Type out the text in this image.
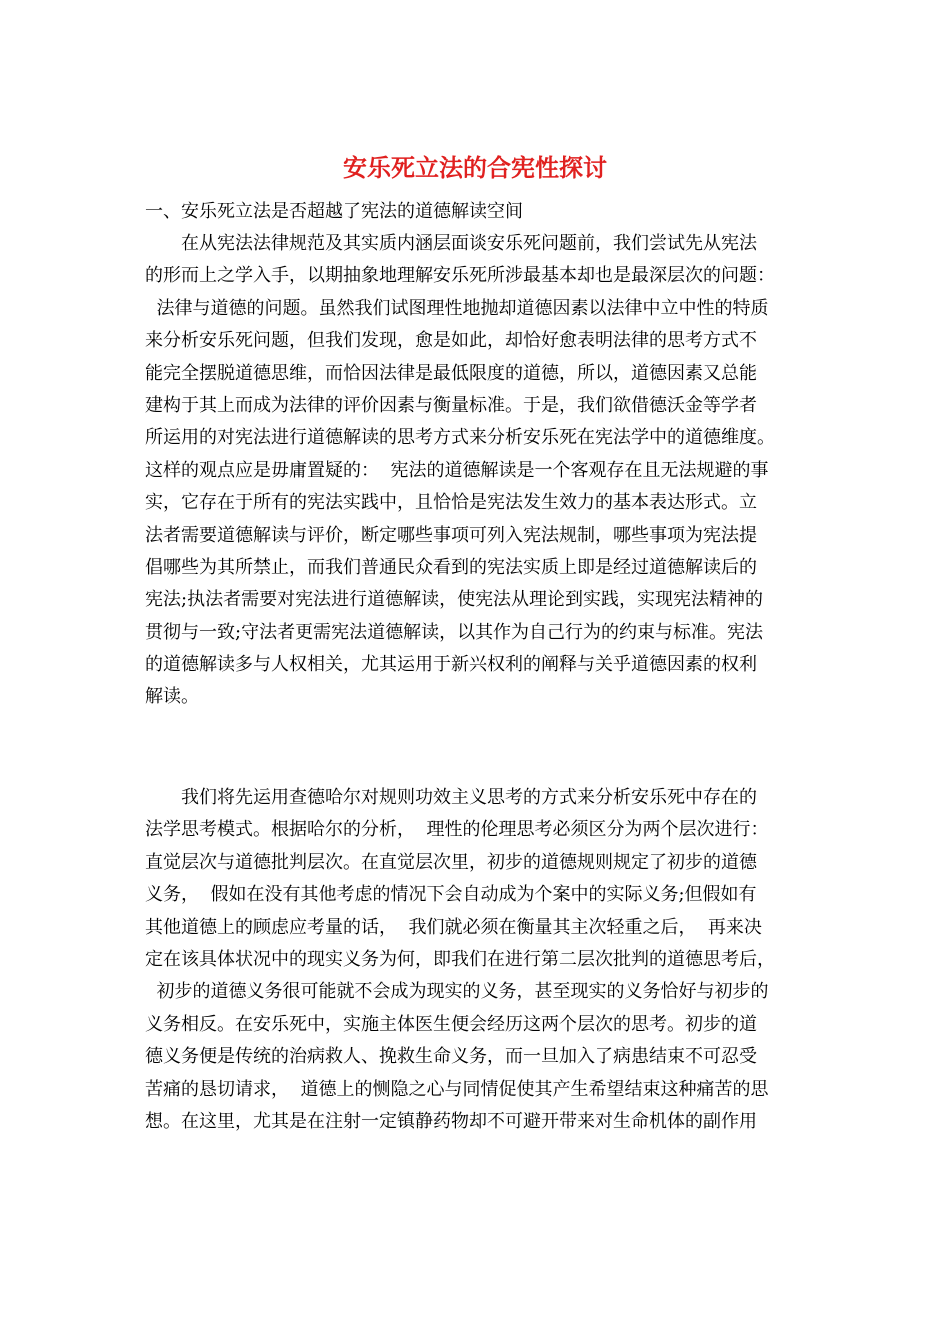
安乐死立法的合宪性探讨
一、安乐死立法是否超越了宪法的道德解读空间
在从宪法法律规范及其实质内涵层面谈安乐死问题前，我们尝试先从宪法
的形而上之学入手，以期抽象地理解安乐死所涉最基本却也是最深层次的问题：
法律与道德的问题。虽然我们试图理性地抛却道德因素以法律中立中性的特质
来分析安乐死问题，但我们发现，愈是如此，却恰好愈表明法律的思考方式不
能完全摆脱道德思维，而恰因法律是最低限度的道德，所以，道德因素又总能
建构于其上而成为法律的评价因素与衡量标准。于是，我们欲借德沃金等学者
所运用的对宪法进行道德解读的思考方式来分析安乐死在宪法学中的道德维度。
这样的观点应是毋庸置疑的：  宪法的道德解读是一个客观存在且无法规避的事
实，它存在于所有的宪法实践中，且恰恰是宪法发生效力的基本表达形式。立
法者需要道德解读与评价，断定哪些事项可列入宪法规制，哪些事项为宪法提
倡哪些为其所禁止，而我们普通民众看到的宪法实质上即是经过道德解读后的
宪法;执法者需要对宪法进行道德解读，使宪法从理论到实践，实现宪法精神的
贯彻与一致;守法者更需宪法道德解读，以其作为自己行为的约束与标准。宪法
的道德解读多与人权相关，尤其运用于新兴权利的阐释与关乎道德因素的权利
解读。
我们将先运用查德哈尔对规则功效主义思考的方式来分析安乐死中存在的
法学思考模式。根据哈尔的分析，  理性的伦理思考必须区分为两个层次进行：
直觉层次与道德批判层次。在直觉层次里，初步的道德规则规定了初步的道德
义务，  假如在没有其他考虑的情况下会自动成为个案中的实际义务;但假如有
其他道德上的顾虑应考量的话，  我们就必须在衡量其主次轻重之后，  再来决
定在该具体状况中的现实义务为何，即我们在进行第二层次批判的道德思考后，
初步的道德义务很可能就不会成为现实的义务，甚至现实的义务恰好与初步的
义务相反。在安乐死中，实施主体医生便会经历这两个层次的思考。初步的道
德义务便是传统的治病救人、挽救生命义务，而一旦加入了病患结束不可忍受
苦痛的恳切请求，  道德上的恻隐之心与同情促使其产生希望结束这种痛苦的思
想。在这里，尤其是在注射一定镇静药物却不可避开带来对生命机体的副作用
